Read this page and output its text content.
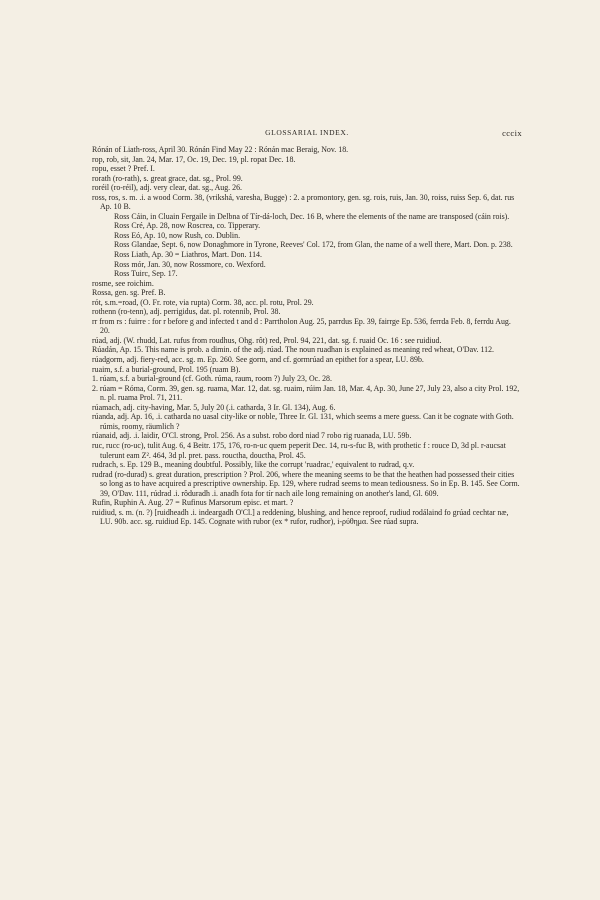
GLOSSARIAL INDEX.	cccix

Rónán of Liath-ross, April 30. Rónán Find May 22 : Rónán mac Beraig, Nov. 18.

rop, rob, sit, Jan. 24, Mar. 17, Oc. 19, Dec. 19, pl. ropat Dec. 18.

ropu, esset ? Pref. I.

rorath (ro-rath), s. great grace, dat. sg., Prol. 99.

roréil (ro-réil), adj. very clear, dat. sg., Aug. 26.

ross, ros, s. m. .i. a wood Corm. 38, (vrikshá, varesha, Bugge) : 2. a promontory, gen. sg. rois, ruis, Jan. 30, roiss, ruiss Sep. 6, dat. rus Ap. 10 B.

Ross Cáin, in Cluain Fergaile in Delbna of Tír-dá-loch, Dec. 16 B, where the elements of the name are transposed (cáin rois).

Ross Cré, Ap. 28, now Roscrea, co. Tipperary.

Ross Eó, Ap. 10, now Rush, co. Dublin.

Ross Glandae, Sept. 6, now Donaghmore in Tyrone, Reeves' Col. 172, from Glan, the name of a well there, Mart. Don. p. 238.

Ross Liath, Ap. 30 = Liathros, Mart. Don. 114.

Ross mór, Jan. 30, now Rossmore, co. Wexford.

Ross Tuirc, Sep. 17.

rosme, see roichim.

Rossa, gen. sg. Pref. B.

rót, s.m.=road, (O. Fr. rote, via rupta) Corm. 38, acc. pl. rotu, Prol. 29.

rothenn (ro-tenn), adj. perrigidus, dat. pl. rotennib, Prol. 38.

rr from rs : fuirre : for r before g and infected t and d : Parrtholon Aug. 25, parrdus Ep. 39, fairrge Ep. 536, ferrda Feb. 8, ferrdu Aug. 20.

rúad, adj. (W. rhudd, Lat. rufus from roudhus, Ohg. rôt) red, Prol. 94, 221, dat. sg. f. ruaid Oc. 16 : see ruidiud.

Rúadán, Ap. 15. This name is prob. a dimin. of the adj. rúad. The noun ruadhan is explained as meaning red wheat, O'Dav. 112.

rúadgorm, adj. fiery-red, acc. sg. m. Ep. 260. See gorm, and cf. gormrúad an epithet for a spear, LU. 89b.

ruaim, s.f. a burial-ground, Prol. 195 (ruam B).

1. rúam, s.f. a burial-ground (cf. Goth. rúma, raum, room ?) July 23, Oc. 28.

2. rúam = Róma, Corm. 39, gen. sg. ruama, Mar. 12, dat. sg. ruaim, rúim Jan. 18, Mar. 4, Ap. 30, June 27, July 23, also a city Prol. 192, n. pl. ruama Prol. 71, 211.

rúamach, adj. city-having, Mar. 5, July 20 (.i. catharda, 3 Ir. Gl. 134), Aug. 6.

rúanda, adj. Ap. 16, .i. catharda no uasal city-like or noble, Three Ir. Gl. 131, which seems a mere guess. Can it be cognate with Goth. rúmis, roomy, räumlich ?

rúanaid, adj. .i. laidir, O'Cl. strong, Prol. 256. As a subst. robo dord niad 7 robo rig ruanada, LU. 59b.

ruc, rucc (ro-uc), tulit Aug. 6, 4 Beitr. 175, 176, ro-n-uc quem peperit Dec. 14, ru-s-fuc B, with prothetic f : rouce D, 3d pl. r-aucsat tulerunt eam Z². 464, 3d pl. pret. pass. rouctha, douctha, Prol. 45.

rudrach, s. Ep. 129 B., meaning doubtful. Possibly, like the corrupt 'ruadrac,' equivalent to rudrad, q.v.

rudrad (ro-durad) s. great duration, prescription ? Prol. 206, where the meaning seems to be that the heathen had possessed their cities so long as to have acquired a prescriptive ownership. Ep. 129, where rudrad seems to mean tediousness. So in Ep. B. 145. See Corm. 39, O'Dav. 111, rúdrad .i. rôduradh .i. anadh fota for tír nach aile long remaining on another's land, Gl. 609.

Rufin, Ruphin A. Aug. 27 = Rufinus Marsorum episc. et mart. ?

ruidiud, s. m. (n. ?) [ruidheadh .i. indeargadh O'Cl.] a reddening, blushing, and hence reproof, rudiud rodálaind fo grúad cechtar næ, LU. 90b. acc. sg. ruidiud Ep. 145. Cognate with rubor (ex * rufor, rudhor), i-ρύθημα. See rúad supra.
